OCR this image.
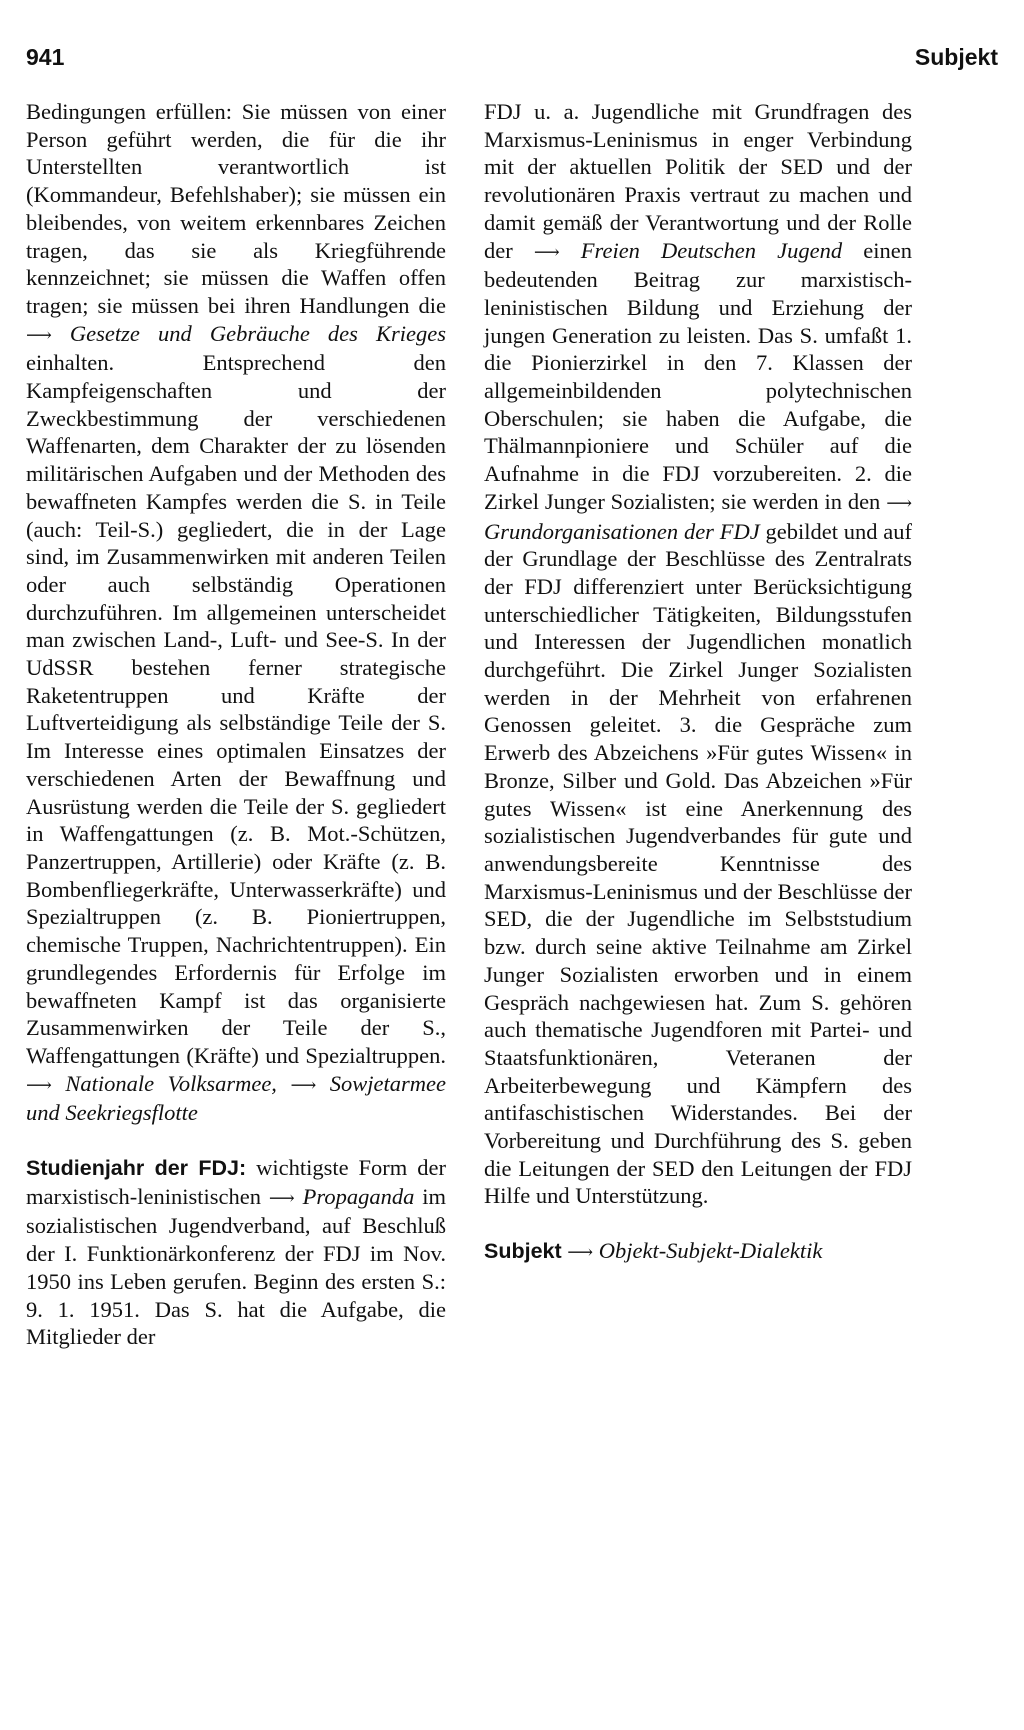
941	Subjekt

Bedingungen erfüllen: Sie müssen von einer Person geführt werden, die für die ihr Unterstellten verantwortlich ist (Kommandeur, Befehlshaber); sie müssen ein bleibendes, von weitem erkennbares Zeichen tragen, das sie als Kriegführende kennzeichnet; sie müssen die Waffen offen tragen; sie müssen bei ihren Handlungen die ⟶ Gesetze und Gebräuche des Krieges einhalten. Entsprechend den Kampfeigenschaften und der Zweckbestimmung der verschiedenen Waffenarten, dem Charakter der zu lösenden militärischen Aufgaben und der Methoden des bewaffneten Kampfes werden die S. in Teile (auch: Teil-S.) gegliedert, die in der Lage sind, im Zusammenwirken mit anderen Teilen oder auch selbständig Operationen durchzuführen. Im allgemeinen unterscheidet man zwischen Land-, Luft- und See-S. In der UdSSR bestehen ferner strategische Raketentruppen und Kräfte der Luftverteidigung als selbständige Teile der S. Im Interesse eines optimalen Einsatzes der verschiedenen Arten der Bewaffnung und Ausrüstung werden die Teile der S. gegliedert in Waffengattungen (z. B. Mot.-Schützen, Panzertruppen, Artillerie) oder Kräfte (z. B. Bombenfliegerkräfte, Unterwasserkräfte) und Spezialtruppen (z. B. Pioniertruppen, chemische Truppen, Nachrichtentruppen). Ein grundlegendes Erfordernis für Erfolge im bewaffneten Kampf ist das organisierte Zusammenwirken der Teile der S., Waffengattungen (Kräfte) und Spezialtruppen. ⟶ Nationale Volksarmee, ⟶ Sowjetarmee und Seekriegsflotte

Studienjahr der FDJ: wichtigste Form der marxistisch-leninistischen ⟶ Propaganda im sozialistischen Jugendverband, auf Beschluß der I. Funktionärkonferenz der FDJ im Nov. 1950 ins Leben gerufen. Beginn des ersten S.: 9. 1. 1951. Das S. hat die Aufgabe, die Mitglieder der

FDJ u. a. Jugendliche mit Grundfragen des Marxismus-Leninismus in enger Verbindung mit der aktuellen Politik der SED und der revolutionären Praxis vertraut zu machen und damit gemäß der Verantwortung und der Rolle der ⟶ Freien Deutschen Jugend einen bedeutenden Beitrag zur marxistisch-leninistischen Bildung und Erziehung der jungen Generation zu leisten. Das S. umfaßt 1. die Pionierzirkel in den 7. Klassen der allgemeinbildenden polytechnischen Oberschulen; sie haben die Aufgabe, die Thälmannpioniere und Schüler auf die Aufnahme in die FDJ vorzubereiten. 2. die Zirkel Junger Sozialisten; sie werden in den ⟶ Grundorganisationen der FDJ gebildet und auf der Grundlage der Beschlüsse des Zentralrats der FDJ differenziert unter Berücksichtigung unterschiedlicher Tätigkeiten, Bildungsstufen und Interessen der Jugendlichen monatlich durchgeführt. Die Zirkel Junger Sozialisten werden in der Mehrheit von erfahrenen Genossen geleitet. 3. die Gespräche zum Erwerb des Abzeichens »Für gutes Wissen« in Bronze, Silber und Gold. Das Abzeichen »Für gutes Wissen« ist eine Anerkennung des sozialistischen Jugendverbandes für gute und anwendungsbereite Kenntnisse des Marxismus-Leninismus und der Beschlüsse der SED, die der Jugendliche im Selbststudium bzw. durch seine aktive Teilnahme am Zirkel Junger Sozialisten erworben und in einem Gespräch nachgewiesen hat. Zum S. gehören auch thematische Jugendforen mit Partei- und Staatsfunktionären, Veteranen der Arbeiterbewegung und Kämpfern des antifaschistischen Widerstandes. Bei der Vorbereitung und Durchführung des S. geben die Leitungen der SED den Leitungen der FDJ Hilfe und Unterstützung.

Subjekt ⟶ Objekt-Subjekt-Dialektik
